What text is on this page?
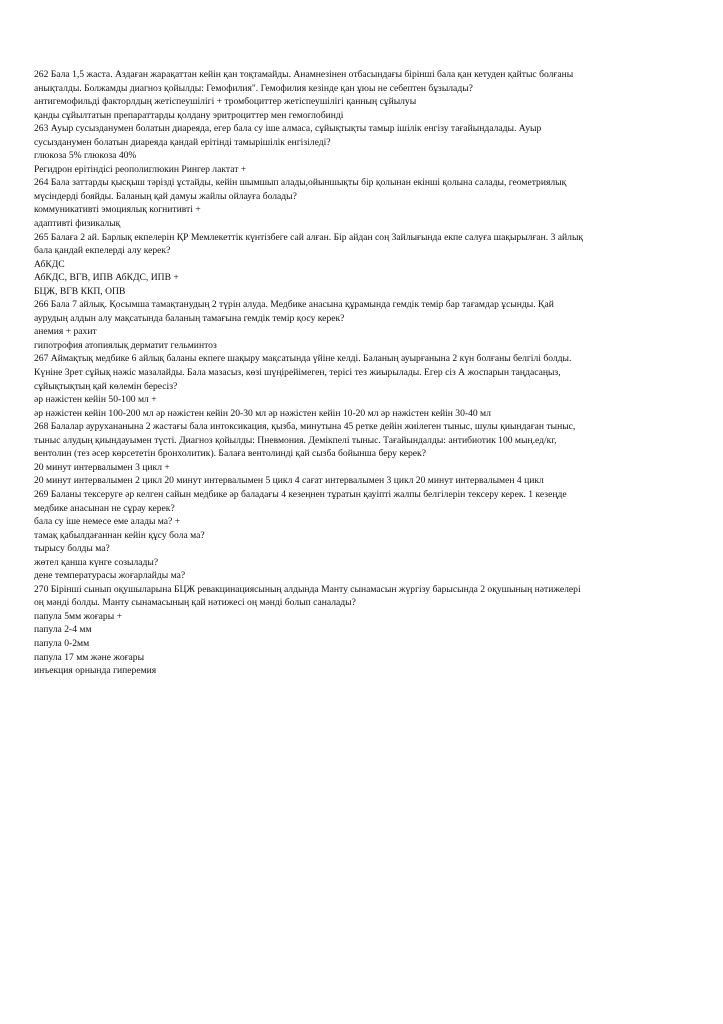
262 Бала 1,5 жаста. Аздаған жарақаттан кейін қан тоқтамайды. Анамнезінен отбасындағы бірінші бала қан кетуден қайтыс болғаны
анықталды. Болжамды диагноз қойылды: Гемофилия". Гемофилия кезінде қан ұюы не себептен бұзылады?
антигемофильді факторлдың жетіспеушілігі + тромбоциттер жетіспеушілігі қанның сұйылуы
қанды сұйылтатын препараттарды қолдану эритроциттер мен гемоглобинді
263 Ауыр сусызданумен болатын диареяда, егер бала су іше алмаса, сұйықтықты тамыр ішілік енгізу тағайындалады. Ауыр
сусызданумен болатын диареяда қандай ерітінді тамырішілік енгізіледі?
глюкоза 5% глюкоза 40%
Регидрон ерітіндісі реополиглюкин Рингер лактат +
264 Бала заттарды қысқыш тәрізді ұстайды, кейін шымшып алады,ойыншықты бір қолынан екінші қолына салады, геометриялық
мүсіндерді бояйды. Баланың қай дамуы жайлы ойлауға болады?
коммуникативті эмоциялық когнитивті +
адаптивті физикалық
265 Балаға 2 ай. Барлық екпелерін ҚР Мемлекеттік күнтізбеге сай алған. Бір айдан соң 3айлығында екпе салуға шақырылған. 3 айлық
бала қандай екпелерді алу керек?
АбКДС
АбКДС, ВГВ, ИПВ АбКДС, ИПВ +
БЦЖ, ВГВ ККП, ОПВ
266 Бала 7 айлық. Қосымша тамақтанудың 2 түрін алуда. Медбике анасына құрамында гемдік темір бар тағамдар ұсынды. Қай
аурудың алдын алу мақсатында баланың тамағына гемдік темір қосу керек?
анемия + рахит
гипотрофия атопиялық дерматит гельминтоз
267 Аймақтық медбике 6 айлық баланы екпеге шақыру мақсатында үйіне келді. Баланың ауырғанына 2 күн болғаны белгілі болды.
Күніне 3рет сұйық нәжіс мазалайды. Бала мазасыз, көзі шүңірейімеген, терісі тез жиырылады. Егер сіз А жоспарын таңдасаңыз,
сұйықтықтың қай көлемін бересіз?
әр нәжістен кейін 50-100 мл +
әр нәжістен кейін 100-200 мл әр нәжістен кейін 20-30 мл әр нәжістен кейін 10-20 мл әр нәжістен кейін 30-40 мл
268 Балалар аурухананына 2 жастағы бала интоксикация, қызба, минутына 45 ретке дейін жиілеген тыныс, шулы қиындаған тыныс,
тыныс алудың қиындауымен түсті. Диагноз қойылды: Пневмония. Демікпелі тыныс. Тағайындалды: антибиотик 100 мың.ед/кг,
вентолин (тез әсер көрсететін бронхолитик). Балаға вентолинді қай сызба бойынша беру керек?
20 минут интервалымен 3 цикл +
20 минут интервалымен 2 цикл 20 минут интервалымен 5 цикл 4 сағат интервалымен 3 цикл 20 минут интервалымен 4 цикл
269 Баланы тексеруге әр келген сайын медбике әр баладағы 4 кезеңнен тұратын қауіпті жалпы белгілерін тексеру керек. 1 кезеңде
медбике анасынан не сұрау керек?
бала су іше немесе еме алады ма? +
тамақ қабылдағаннан кейін құсу бола ма?
тырысу болды ма?
жөтел қанша күнге созылады?
дене температурасы жоғарлайды ма?
270 Бірінші сынып оқушыларына БЦЖ ревакцинациясының алдында Манту сынамасын жүргізу барысында 2 оқушының нәтижелері
оң мәнді болды. Манту сынамасының қай нәтижесі оң мәнді болып саналады?
папула 5мм жоғары +
папула 2-4 мм
папула 0-2мм
папула 17 мм және жоғары
инъекция орнында гиперемия
